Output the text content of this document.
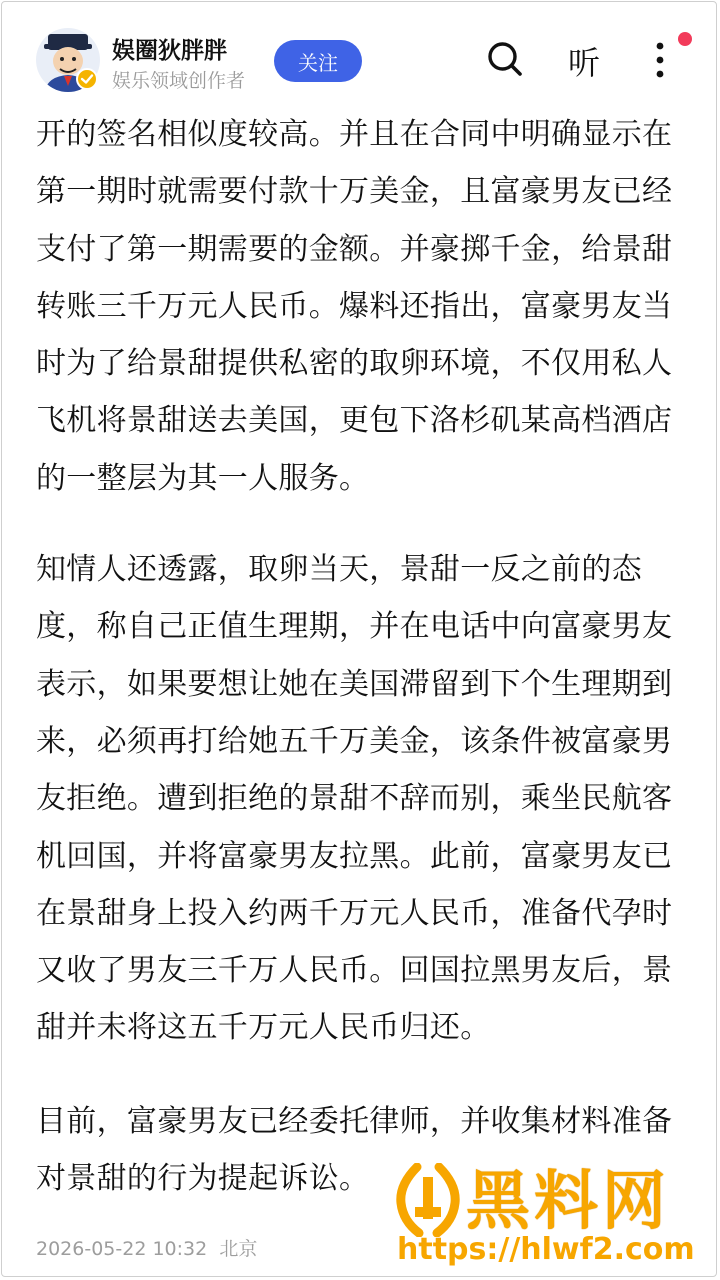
娱圈狄胖胖
娱乐领域创作者
关注	听

开的签名相似度较高。并且在合同中明确显示在第一期时就需要付款十万美金，且富豪男友已经支付了第一期需要的金额。并豪掷千金，给景甜转账三千万元人民币。爆料还指出，富豪男友当时为了给景甜提供私密的取卵环境，不仅用私人飞机将景甜送去美国，更包下洛杉矶某高档酒店的一整层为其一人服务。

知情人还透露，取卵当天，景甜一反之前的态度，称自己正值生理期，并在电话中向富豪男友表示，如果要想让她在美国滞留到下个生理期到来，必须再打给她五千万美金，该条件被富豪男友拒绝。遭到拒绝的景甜不辞而别，乘坐民航客机回国，并将富豪男友拉黑。此前，富豪男友已在景甜身上投入约两千万元人民币，准备代孕时又收了男友三千万人民币。回国拉黑男友后，景甜并未将这五千万元人民币归还。

目前，富豪男友已经委托律师，并收集材料准备对景甜的行为提起诉讼。

2026-05-22 10:32 北京
黑料网
https://hlwf2.com
